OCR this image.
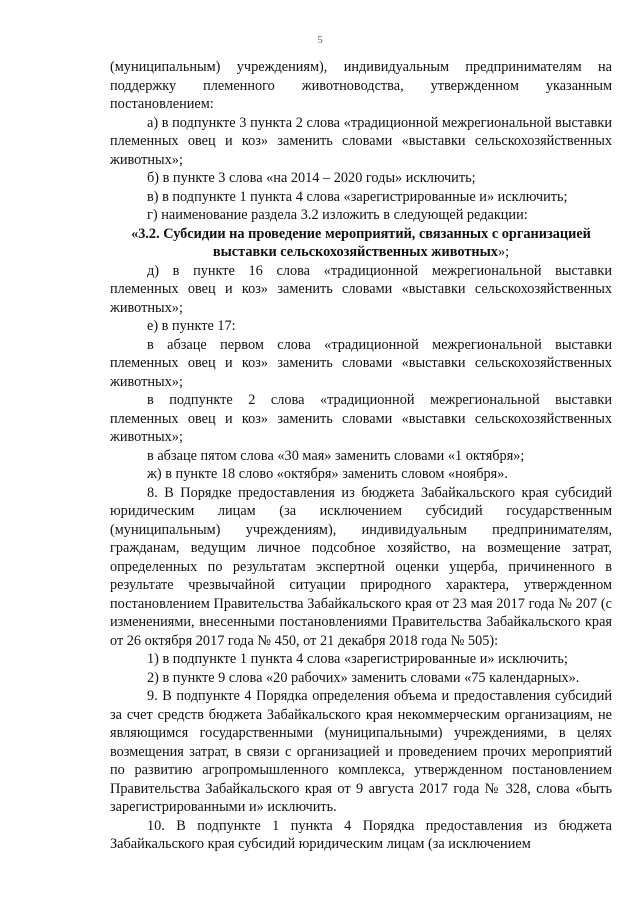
5

(муниципальным) учреждениям), индивидуальным предпринимателям на поддержку племенного животноводства, утвержденном указанным постановлением:

а) в подпункте 3 пункта 2 слова «традиционной межрегиональной выставки племенных овец и коз» заменить словами «выставки сельскохозяйственных животных»;

б) в пункте 3 слова «на 2014 – 2020 годы» исключить;

в) в подпункте 1 пункта 4 слова «зарегистрированные и» исключить;

г) наименование раздела 3.2 изложить в следующей редакции:

«3.2. Субсидии на проведение мероприятий, связанных с организацией выставки сельскохозяйственных животных»;

д) в пункте 16 слова «традиционной межрегиональной выставки племенных овец и коз» заменить словами «выставки сельскохозяйственных животных»;

е) в пункте 17:

в абзаце первом слова «традиционной межрегиональной выставки племенных овец и коз» заменить словами «выставки сельскохозяйственных животных»;

в подпункте 2 слова «традиционной межрегиональной выставки племенных овец и коз» заменить словами «выставки сельскохозяйственных животных»;

в абзаце пятом слова «30 мая» заменить словами «1 октября»;

ж) в пункте 18 слово «октября» заменить словом «ноября».

8. В Порядке предоставления из бюджета Забайкальского края субсидий юридическим лицам (за исключением субсидий государственным (муниципальным) учреждениям), индивидуальным предпринимателям, гражданам, ведущим личное подсобное хозяйство, на возмещение затрат, определенных по результатам экспертной оценки ущерба, причиненного в результате чрезвычайной ситуации природного характера, утвержденном постановлением Правительства Забайкальского края от 23 мая 2017 года № 207 (с изменениями, внесенными постановлениями Правительства Забайкальского края от 26 октября 2017 года № 450, от 21 декабря 2018 года № 505):

1) в подпункте 1 пункта 4 слова «зарегистрированные и» исключить;

2) в пункте 9 слова «20 рабочих» заменить словами «75 календарных».

9. В подпункте 4 Порядка определения объема и предоставления субсидий за счет средств бюджета Забайкальского края некоммерческим организациям, не являющимся государственными (муниципальными) учреждениями, в целях возмещения затрат, в связи с организацией и проведением прочих мероприятий по развитию агропромышленного комплекса, утвержденном постановлением Правительства Забайкальского края от 9 августа 2017 года № 328, слова «быть зарегистрированными и» исключить.

10. В подпункте 1 пункта 4 Порядка предоставления из бюджета Забайкальского края субсидий юридическим лицам (за исключением
